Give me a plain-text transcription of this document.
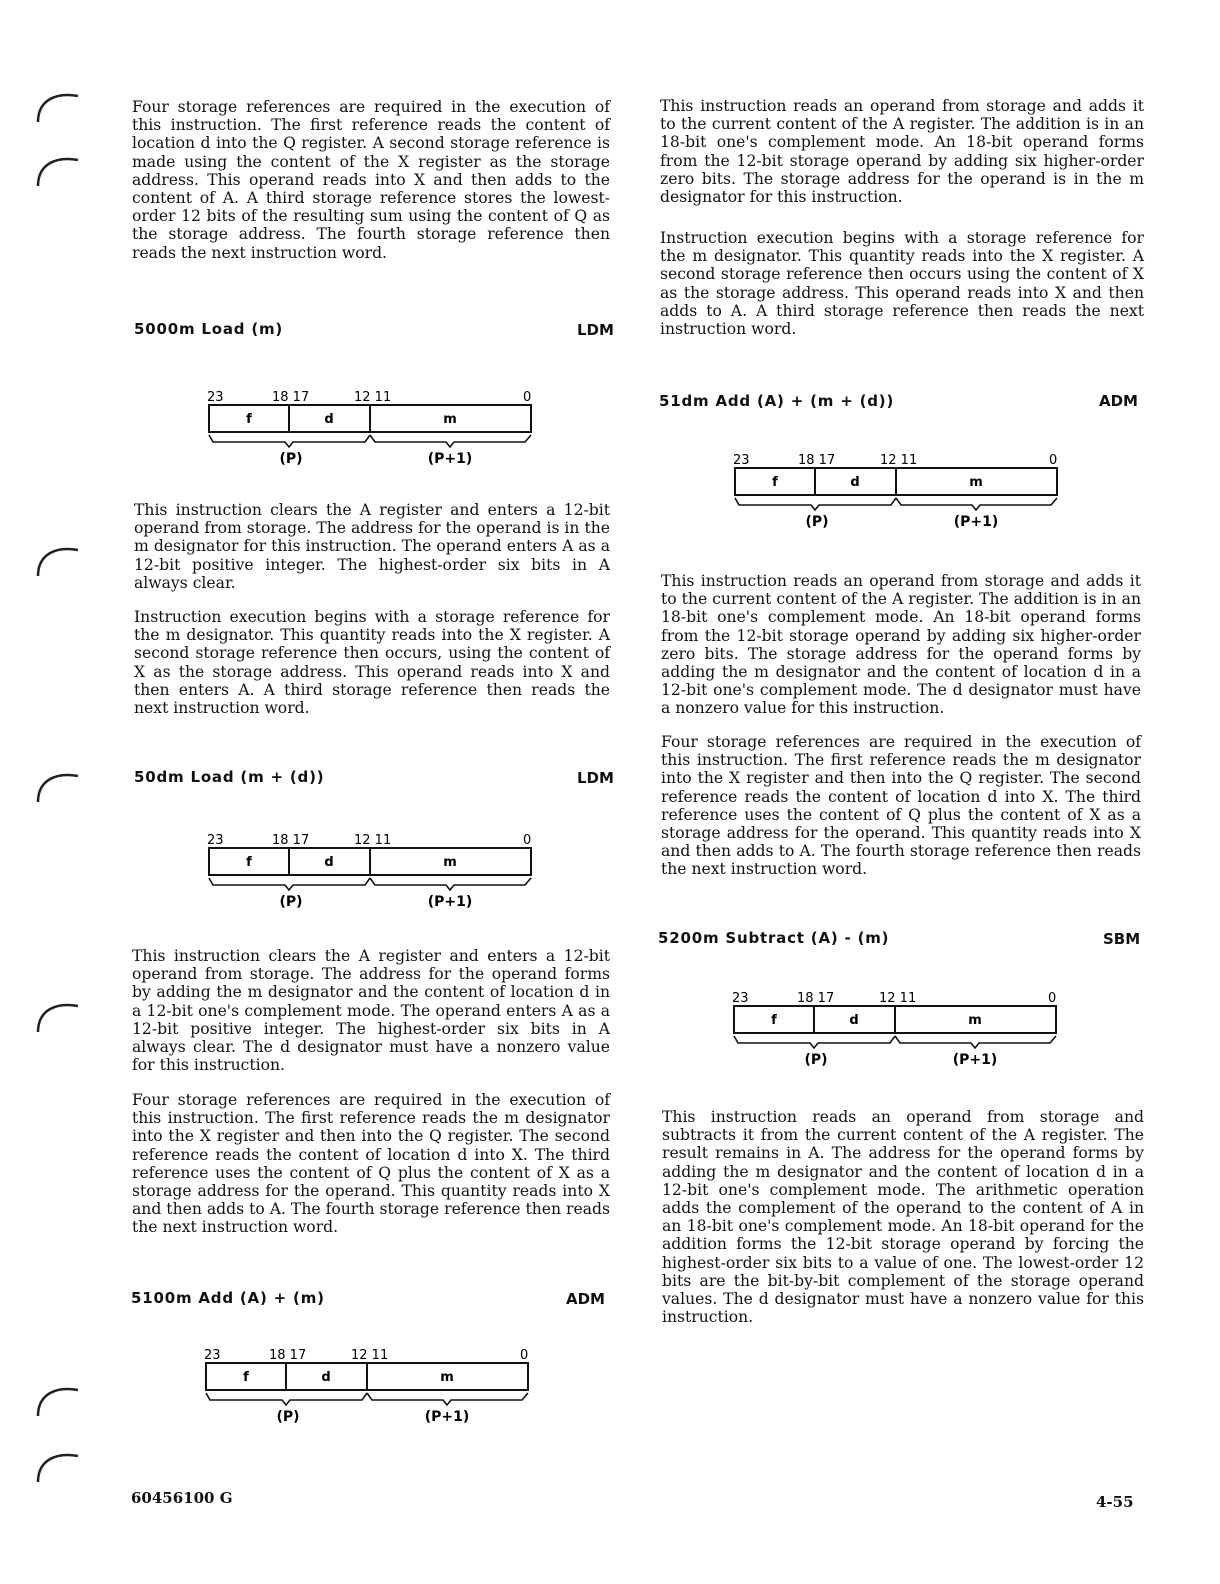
Four storage references are required in the execution of this instruction. The first reference reads the content of location d into the Q register. A second storage reference is made using the content of the X register as the storage address. This operand reads into X and then adds to the content of A. A third storage reference stores the lowest-order 12 bits of the resulting sum using the content of Q as the storage address. The fourth storage reference then reads the next instruction word.

5000m Load (m)	LDM
23	18 17	12 11	0
f	d	m
(P)	(P+1)

This instruction clears the A register and enters a 12-bit operand from storage. The address for the operand is in the m designator for this instruction. The operand enters A as a 12-bit positive integer. The highest-order six bits in A always clear.

Instruction execution begins with a storage reference for the m designator. This quantity reads into the X register. A second storage reference then occurs, using the content of X as the storage address. This operand reads into X and then enters A. A third storage reference then reads the next instruction word.

50dm Load (m + (d))	LDM
23	18 17	12 11	0
f	d	m
(P)	(P+1)

This instruction clears the A register and enters a 12-bit operand from storage. The address for the operand forms by adding the m designator and the content of location d in a 12-bit one's complement mode. The operand enters A as a 12-bit positive integer. The highest-order six bits in A always clear. The d designator must have a nonzero value for this instruction.

Four storage references are required in the execution of this instruction. The first reference reads the m designator into the X register and then into the Q register. The second reference reads the content of location d into X. The third reference uses the content of Q plus the content of X as a storage address for the operand. This quantity reads into X and then adds to A. The fourth storage reference then reads the next instruction word.

5100m Add (A) + (m)	ADM
23	18 17	12 11	0
f	d	m
(P)	(P+1)

This instruction reads an operand from storage and adds it to the current content of the A register. The addition is in an 18-bit one's complement mode. An 18-bit operand forms from the 12-bit storage operand by adding six higher-order zero bits. The storage address for the operand is in the m designator for this instruction.

Instruction execution begins with a storage reference for the m designator. This quantity reads into the X register. A second storage reference then occurs using the content of X as the storage address. This operand reads into X and then adds to A. A third storage reference then reads the next instruction word.

51dm Add (A) + (m + (d))	ADM
23	18 17	12 11	0
f	d	m
(P)	(P+1)

This instruction reads an operand from storage and adds it to the current content of the A register. The addition is in an 18-bit one's complement mode. An 18-bit operand forms from the 12-bit storage operand by adding six higher-order zero bits. The storage address for the operand forms by adding the m designator and the content of location d in a 12-bit one's complement mode. The d designator must have a nonzero value for this instruction.

Four storage references are required in the execution of this instruction. The first reference reads the m designator into the X register and then into the Q register. The second reference reads the content of location d into X. The third reference uses the content of Q plus the content of X as a storage address for the operand. This quantity reads into X and then adds to A. The fourth storage reference then reads the next instruction word.

5200m Subtract (A) - (m)	SBM
23	18 17	12 11	0
f	d	m
(P)	(P+1)

This instruction reads an operand from storage and subtracts it from the current content of the A register. The result remains in A. The address for the operand forms by adding the m designator and the content of location d in a 12-bit one's complement mode. The arithmetic operation adds the complement of the operand to the content of A in an 18-bit one's complement mode. An 18-bit operand for the addition forms the 12-bit storage operand by forcing the highest-order six bits to a value of one. The lowest-order 12 bits are the bit-by-bit complement of the storage operand values. The d designator must have a nonzero value for this instruction.

60456100 G	4-55
